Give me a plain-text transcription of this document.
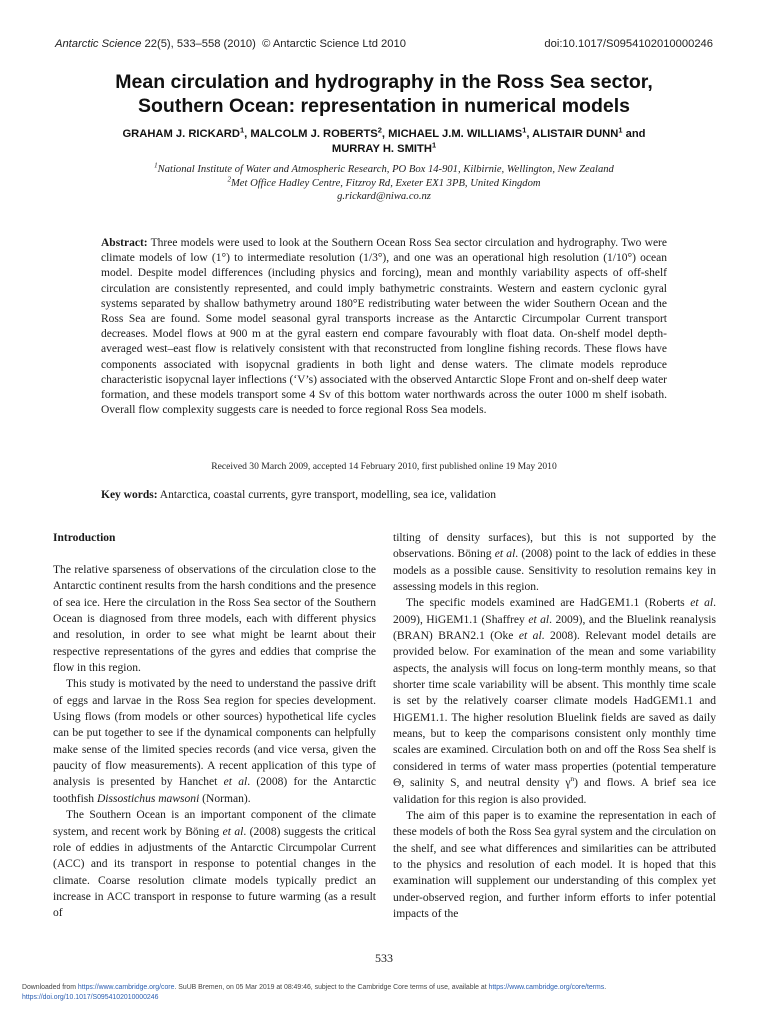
Antarctic Science 22(5), 533–558 (2010) © Antarctic Science Ltd 2010	doi:10.1017/S0954102010000246
Mean circulation and hydrography in the Ross Sea sector,
Southern Ocean: representation in numerical models
GRAHAM J. RICKARD$^1$, MALCOLM J. ROBERTS$^2$, MICHAEL J.M. WILLIAMS$^1$, ALISTAIR DUNN$^1$ and
MURRAY H. SMITH$^1$
$^1$National Institute of Water and Atmospheric Research, PO Box 14-901, Kilbirnie, Wellington, New Zealand
$^2$Met Office Hadley Centre, Fitzroy Rd, Exeter EX1 3PB, United Kingdom
g.rickard@niwa.co.nz
Abstract: Three models were used to look at the Southern Ocean Ross Sea sector circulation and hydrography. Two were climate models of low (1°) to intermediate resolution (1/3°), and one was an operational high resolution (1/10°) ocean model. Despite model differences (including physics and forcing), mean and monthly variability aspects of off-shelf circulation are consistently represented, and could imply bathymetric constraints. Western and eastern cyclonic gyral systems separated by shallow bathymetry around 180°E redistributing water between the wider Southern Ocean and the Ross Sea are found. Some model seasonal gyral transports increase as the Antarctic Circumpolar Current transport decreases. Model flows at 900 m at the gyral eastern end compare favourably with float data. On-shelf model depth-averaged west–east flow is relatively consistent with that reconstructed from longline fishing records. These flows have components associated with isopycnal gradients in both light and dense waters. The climate models reproduce characteristic isopycnal layer inflections (‘V’s) associated with the observed Antarctic Slope Front and on-shelf deep water formation, and these models transport some 4 Sv of this bottom water northwards across the outer 1000 m shelf isobath. Overall flow complexity suggests care is needed to force regional Ross Sea models.
Received 30 March 2009, accepted 14 February 2010, first published online 19 May 2010
Key words: Antarctica, coastal currents, gyre transport, modelling, sea ice, validation
Introduction

The relative sparseness of observations of the circulation close to the Antarctic continent results from the harsh conditions and the presence of sea ice. Here the circulation in the Ross Sea sector of the Southern Ocean is diagnosed from three models, each with different physics and resolution, in order to see what might be learnt about their respective representations of the gyres and eddies that comprise the flow in this region.

This study is motivated by the need to understand the passive drift of eggs and larvae in the Ross Sea region for species development. Using flows (from models or other sources) hypothetical life cycles can be put together to see if the dynamical components can helpfully make sense of the limited species records (and vice versa, given the paucity of flow measurements). A recent application of this type of analysis is presented by Hanchet et al. (2008) for the Antarctic toothfish Dissostichus mawsoni (Norman).

The Southern Ocean is an important component of the climate system, and recent work by Böning et al. (2008) suggests the critical role of eddies in adjustments of the Antarctic Circumpolar Current (ACC) and its transport in response to potential changes in the climate. Coarse resolution climate models typically predict an increase in ACC transport in response to future warming (as a result of

tilting of density surfaces), but this is not supported by the observations. Böning et al. (2008) point to the lack of eddies in these models as a possible cause. Sensitivity to resolution remains key in assessing models in this region.

The specific models examined are HadGEM1.1 (Roberts et al. 2009), HiGEM1.1 (Shaffrey et al. 2009), and the Bluelink reanalysis (BRAN) BRAN2.1 (Oke et al. 2008). Relevant model details are provided below. For examination of the mean and some variability aspects, the analysis will focus on long-term monthly means, so that shorter time scale variability will be absent. This monthly time scale is set by the relatively coarser climate models HadGEM1.1 and HiGEM1.1. The higher resolution Bluelink fields are saved as daily means, but to keep the comparisons consistent only monthly time scales are examined. Circulation both on and off the Ross Sea shelf is considered in terms of water mass properties (potential temperature Θ, salinity S, and neutral density $\gamma^n$) and flows. A brief sea ice validation for this region is also provided.

The aim of this paper is to examine the representation in each of these models of both the Ross Sea gyral system and the circulation on the shelf, and see what differences and similarities can be attributed to the physics and resolution of each model. It is hoped that this examination will supplement our understanding of this complex yet under-observed region, and further inform efforts to infer potential impacts of the

533
Downloaded from https://www.cambridge.org/core. SuUB Bremen, on 05 Mar 2019 at 08:49:46, subject to the Cambridge Core terms of use, available at https://www.cambridge.org/core/terms.
https://doi.org/10.1017/S0954102010000246
